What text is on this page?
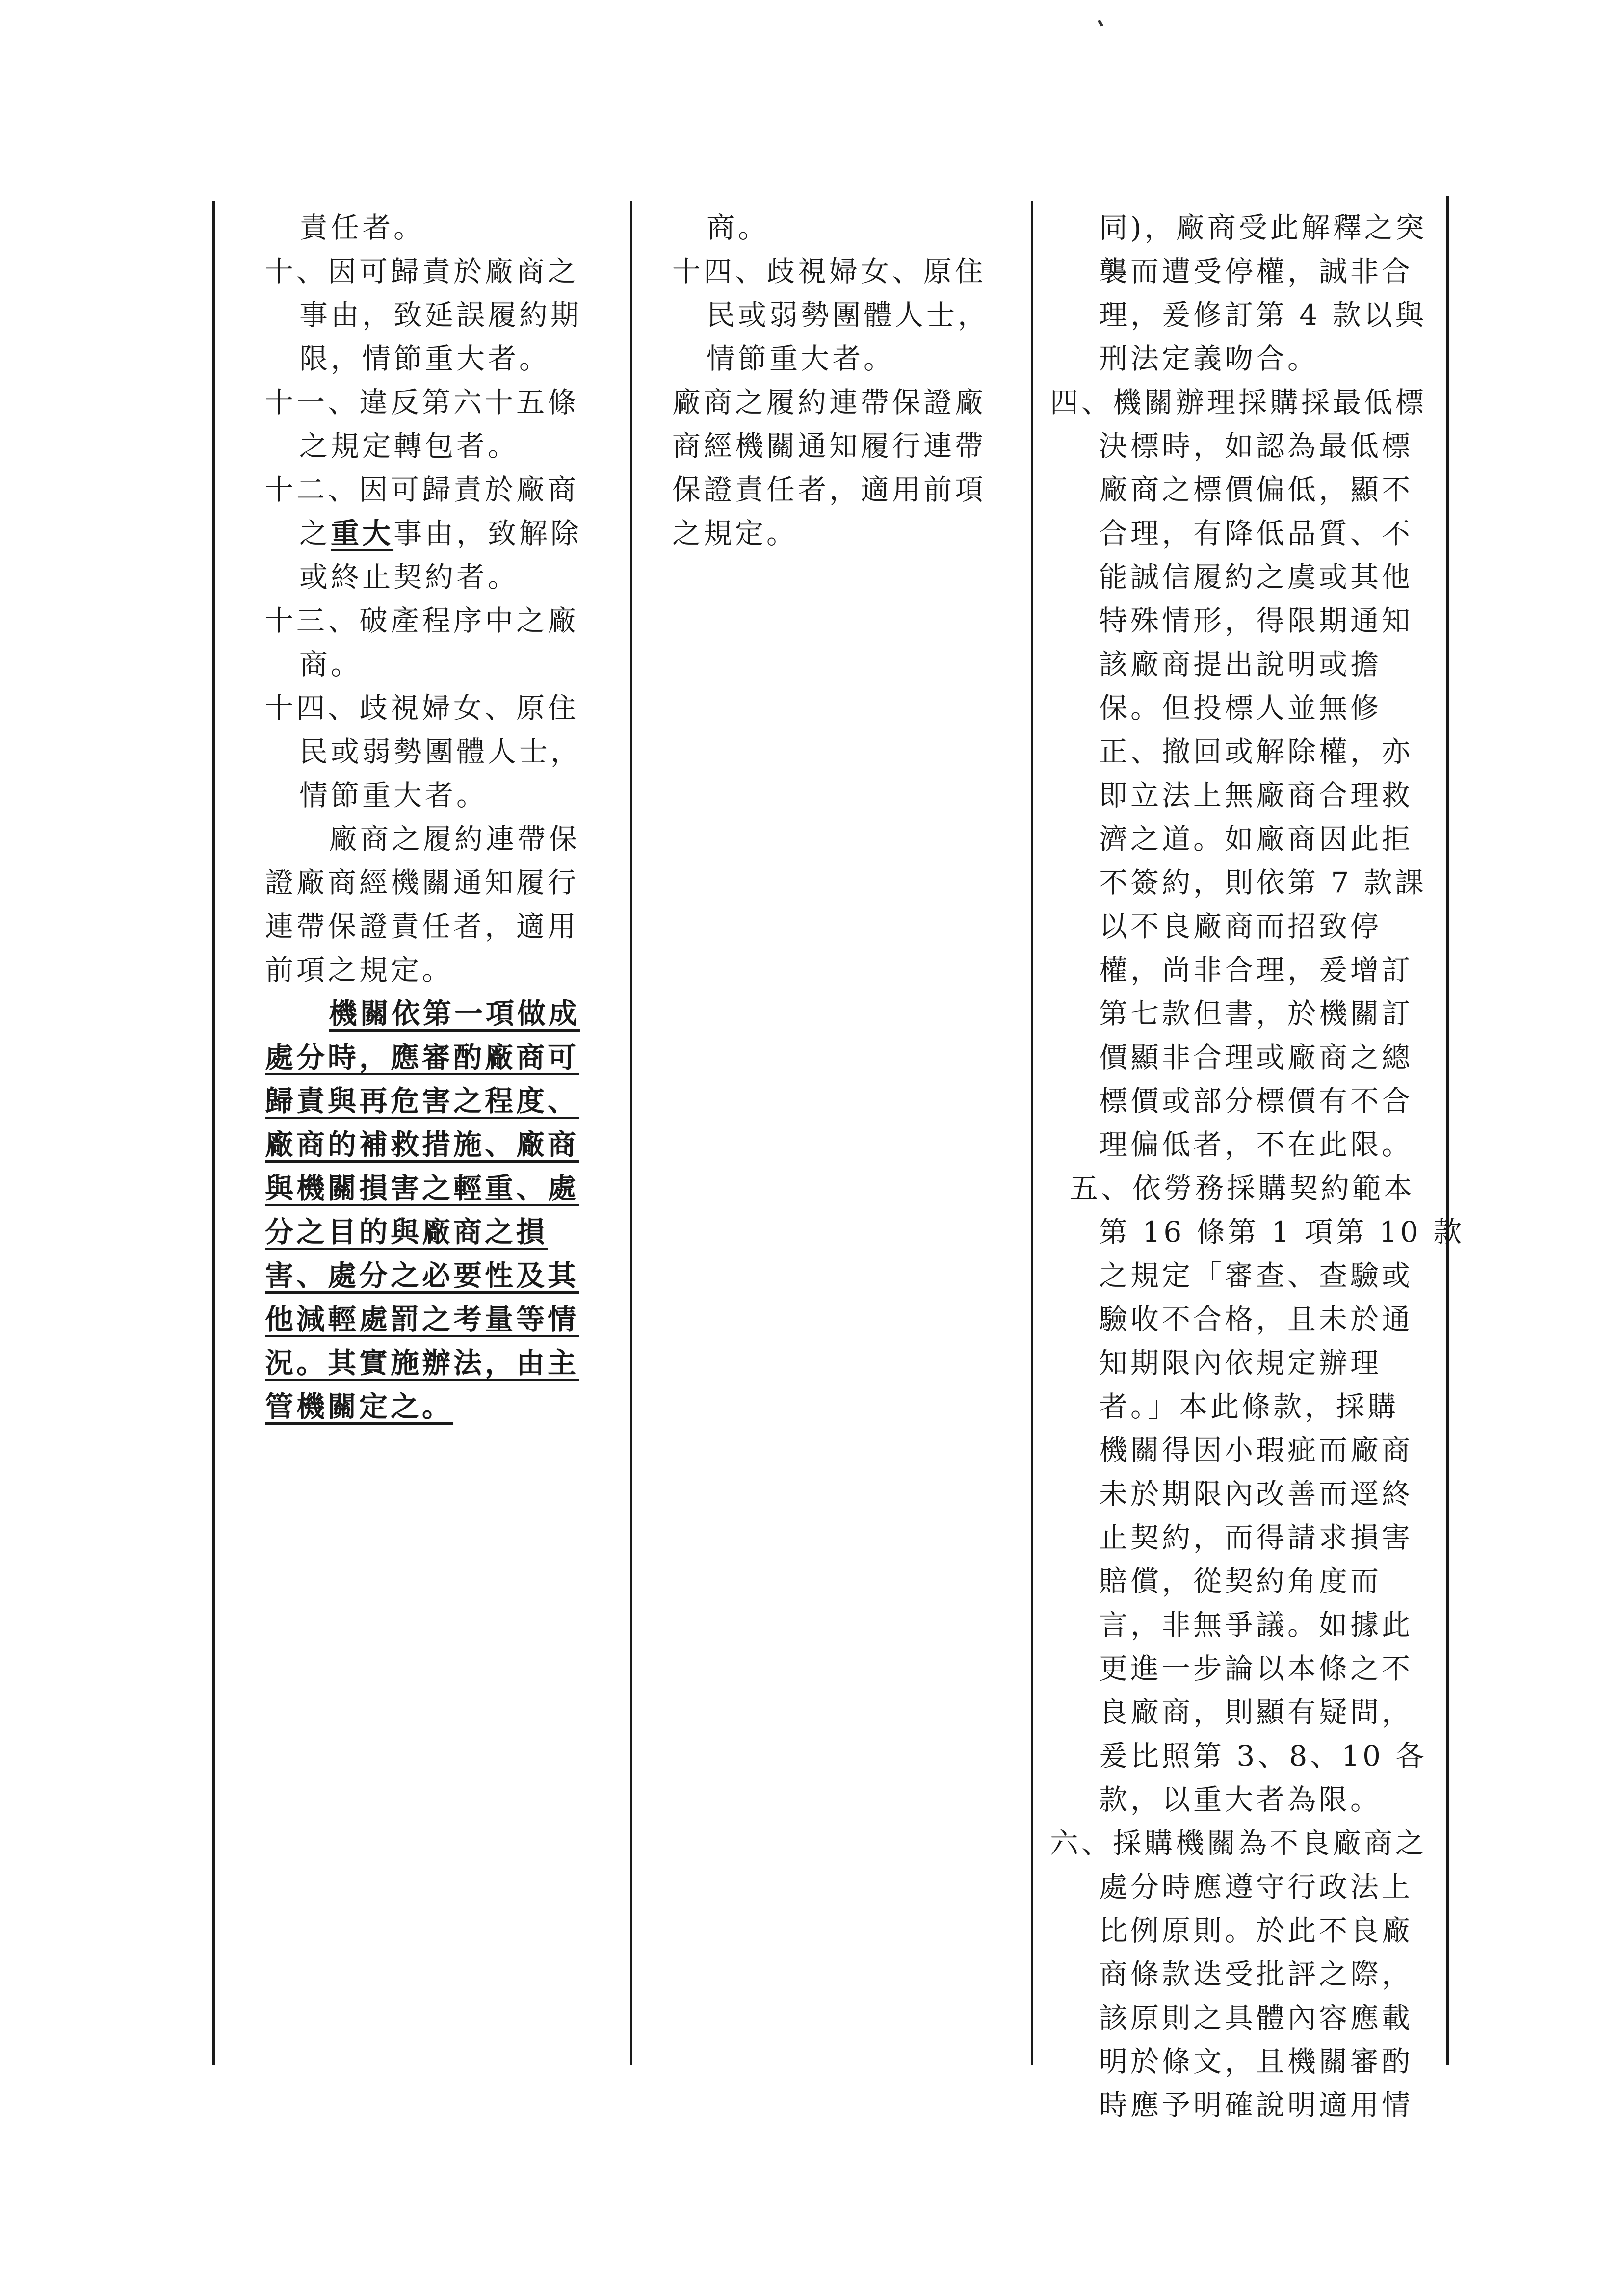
責任者。
十、因可歸責於廠商之
事由，致延誤履約期
限，情節重大者。
十一、違反第六十五條
之規定轉包者。
十二、因可歸責於廠商
之重大事由，致解除
或終止契約者。
十三、破產程序中之廠
商。
十四、歧視婦女、原住
民或弱勢團體人士，
情節重大者。
廠商之履約連帶保
證廠商經機關通知履行
連帶保證責任者，適用
前項之規定。
機關依第一項做成
處分時，應審酌廠商可
歸責與再危害之程度、
廠商的補救措施、廠商
與機關損害之輕重、處
分之目的與廠商之損
害、處分之必要性及其
他減輕處罰之考量等情
況。其實施辦法，由主
管機關定之。
商。
十四、歧視婦女、原住
民或弱勢團體人士，
情節重大者。
廠商之履約連帶保證廠
商經機關通知履行連帶
保證責任者，適用前項
之規定。
同)，廠商受此解釋之突
襲而遭受停權，誠非合
理，爰修訂第 4 款以與
刑法定義吻合。
四、機關辦理採購採最低標
決標時，如認為最低標
廠商之標價偏低，顯不
合理，有降低品質、不
能誠信履約之虞或其他
特殊情形，得限期通知
該廠商提出說明或擔
保。但投標人並無修
正、撤回或解除權，亦
即立法上無廠商合理救
濟之道。如廠商因此拒
不簽約，則依第 7 款課
以不良廠商而招致停
權，尚非合理，爰增訂
第七款但書，於機關訂
價顯非合理或廠商之總
標價或部分標價有不合
理偏低者，不在此限。
五、依勞務採購契約範本
第 16 條第 1 項第 10 款
之規定「審查、查驗或
驗收不合格，且未於通
知期限內依規定辦理
者。」本此條款，採購
機關得因小瑕疵而廠商
未於期限內改善而逕終
止契約，而得請求損害
賠償，從契約角度而
言，非無爭議。如據此
更進一步論以本條之不
良廠商，則顯有疑問，
爰比照第 3、8、10 各
款，以重大者為限。
六、採購機關為不良廠商之
處分時應遵守行政法上
比例原則。於此不良廠
商條款迭受批評之際，
該原則之具體內容應載
明於條文，且機關審酌
時應予明確說明適用情
